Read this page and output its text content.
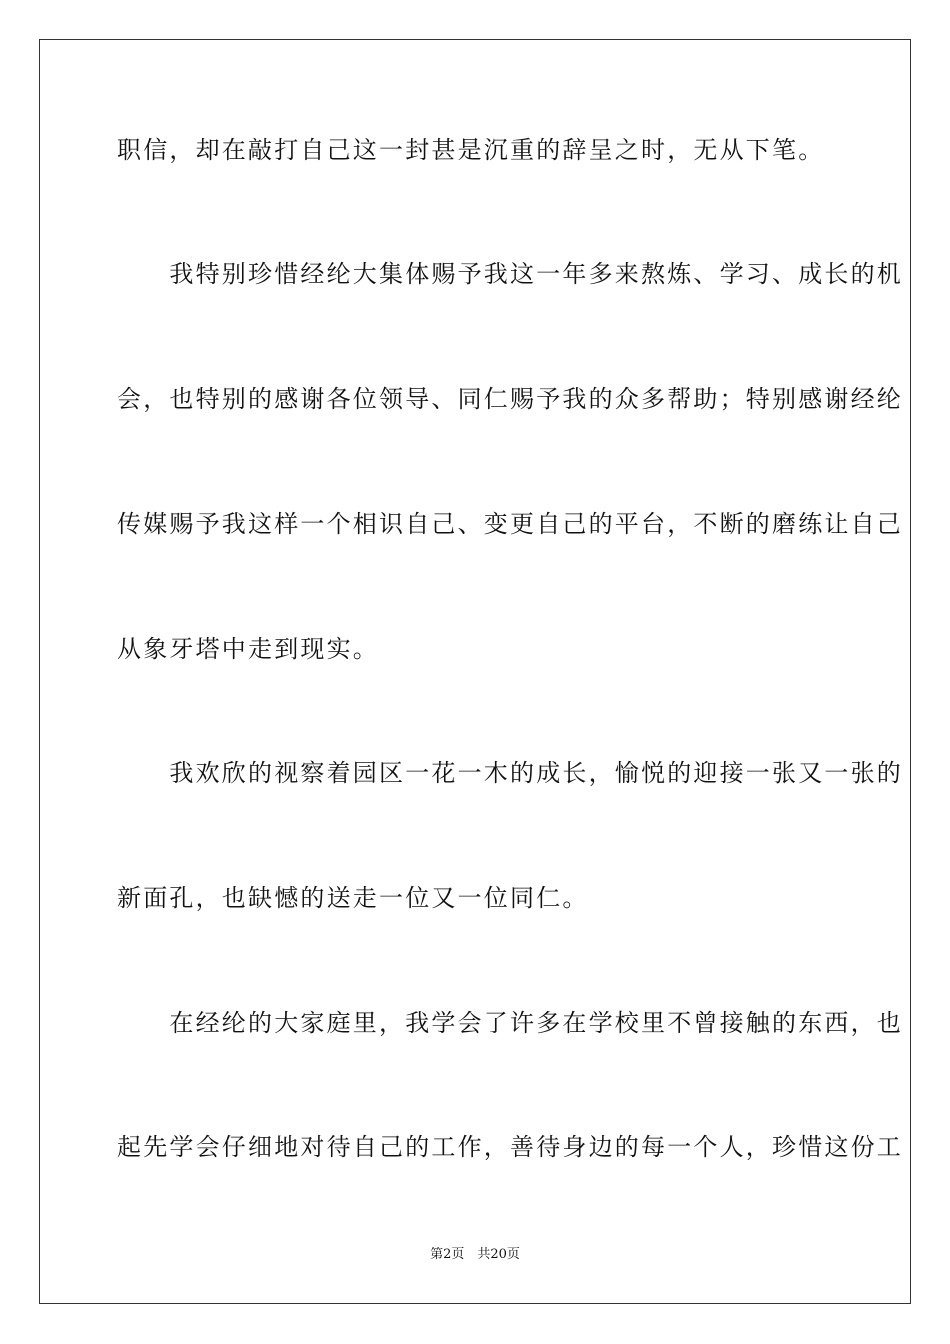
职信，却在敲打自己这一封甚是沉重的辞呈之时，无从下笔。
　　我特别珍惜经纶大集体赐予我这一年多来熬炼、学习、成长的机
会，也特别的感谢各位领导、同仁赐予我的众多帮助；特别感谢经纶
传媒赐予我这样一个相识自己、变更自己的平台，不断的磨练让自己
从象牙塔中走到现实。
　　我欢欣的视察着园区一花一木的成长，愉悦的迎接一张又一张的
新面孔，也缺憾的送走一位又一位同仁。
　　在经纶的大家庭里，我学会了许多在学校里不曾接触的东西，也
起先学会仔细地对待自己的工作，善待身边的每一个人，珍惜这份工
第2页　共20页
